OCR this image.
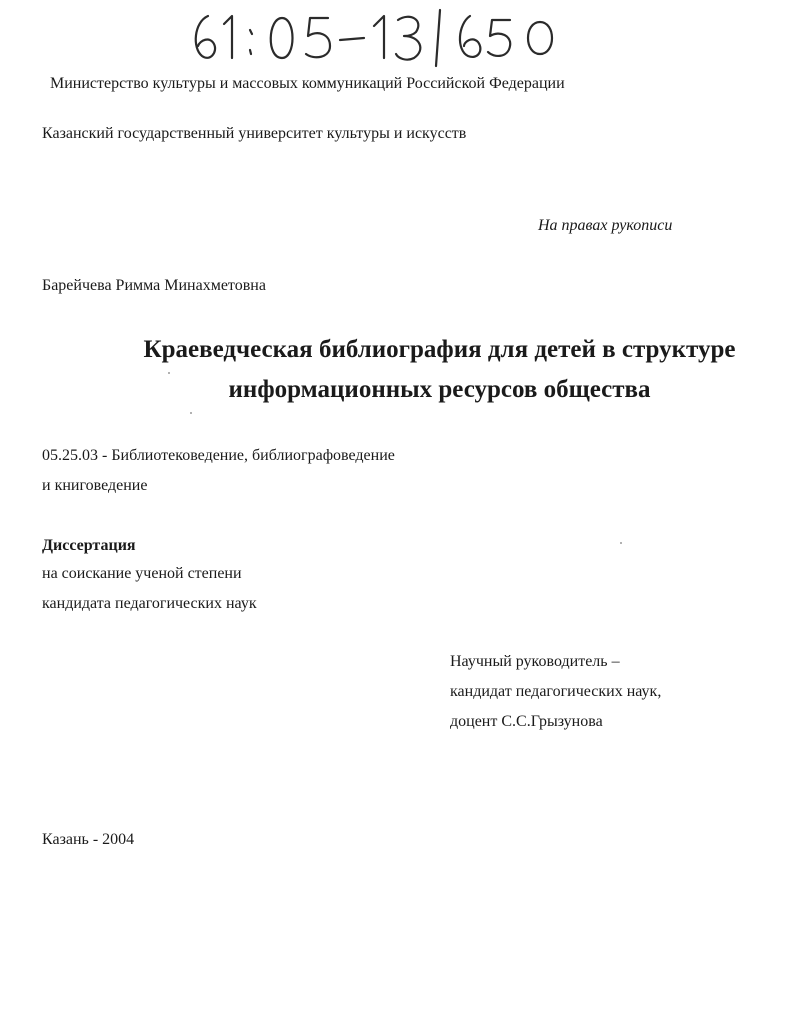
61:05-13/650
Министерство культуры и массовых коммуникаций Российской Федерации
Казанский государственный университет культуры и искусств
На правах рукописи
Барейчева Римма Минахметовна
Краеведческая библиография для детей в структуре
информационных ресурсов общества
05.25.03 - Библиотековедение, библиографоведение
и книговедение
Диссертация
на соискание ученой степени
кандидата педагогических наук
Научный руководитель –
кандидат педагогических наук,
доцент С.С.Грызунова
Казань - 2004
